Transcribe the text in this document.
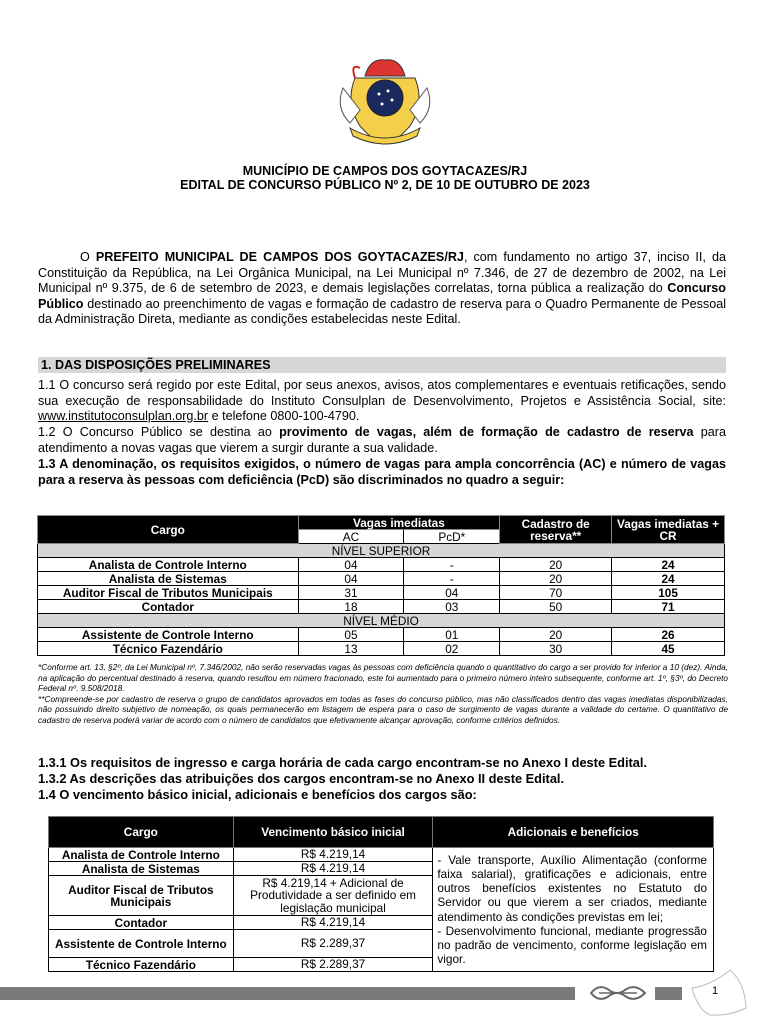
MUNICÍPIO DE CAMPOS DOS GOYTACAZES/RJ
EDITAL DE CONCURSO PÚBLICO Nº 2, DE 10 DE OUTUBRO DE 2023

O PREFEITO MUNICIPAL DE CAMPOS DOS GOYTACAZES/RJ, com fundamento no artigo 37, inciso II, da Constituição da República, na Lei Orgânica Municipal, na Lei Municipal nº 7.346, de 27 de dezembro de 2002, na Lei Municipal nº 9.375, de 6 de setembro de 2023, e demais legislações correlatas, torna pública a realização do Concurso Público destinado ao preenchimento de vagas e formação de cadastro de reserva para o Quadro Permanente de Pessoal da Administração Direta, mediante as condições estabelecidas neste Edital.

1. DAS DISPOSIÇÕES PRELIMINARES

1.1 O concurso será regido por este Edital, por seus anexos, avisos, atos complementares e eventuais retificações, sendo sua execução de responsabilidade do Instituto Consulplan de Desenvolvimento, Projetos e Assistência Social, site: www.institutoconsulplan.org.br e telefone 0800-100-4790.

1.2 O Concurso Público se destina ao provimento de vagas, além de formação de cadastro de reserva para atendimento a novas vagas que vierem a surgir durante a sua validade.

1.3 A denominação, os requisitos exigidos, o número de vagas para ampla concorrência (AC) e número de vagas para a reserva às pessoas com deficiência (PcD) são discriminados no quadro a seguir:

Cargo	Vagas imediatas		Cadastro de reserva**	Vagas imediatas + CR
	AC	PcD*		
NÍVEL SUPERIOR				
Analista de Controle Interno	04	-	20	24
Analista de Sistemas	04	-	20	24
Auditor Fiscal de Tributos Municipais	31	04	70	105
Contador	18	03	50	71
NÍVEL MÉDIO				
Assistente de Controle Interno	05	01	20	26
Técnico Fazendário	13	02	30	45

*Conforme art. 13, §2º, da Lei Municipal nº. 7.346/2002, não serão reservadas vagas às pessoas com deficiência quando o quantitativo do cargo a ser provido for inferior a 10 (dez). Ainda, na aplicação do percentual destinado à reserva, quando resultou em número fracionado, este foi aumentado para o primeiro número inteiro subsequente, conforme art. 1º, §3º, do Decreto Federal nº. 9.508/2018.

**Compreende-se por cadastro de reserva o grupo de candidatos aprovados em todas as fases do concurso público, mas não classificados dentro das vagas imediatas disponibilizadas, não possuindo direito subjetivo de nomeação, os quais permanecerão em listagem de espera para o caso de surgimento de vagas durante a validade do certame. O quantitativo de cadastro de reserva poderá variar de acordo com o número de candidatos que efetivamente alcançar aprovação, conforme critérios definidos.

1.3.1 Os requisitos de ingresso e carga horária de cada cargo encontram-se no Anexo I deste Edital.
1.3.2 As descrições das atribuições dos cargos encontram-se no Anexo II deste Edital.
1.4 O vencimento básico inicial, adicionais e benefícios dos cargos são:
Cargo	Vencimento básico inicial	Adicionais e benefícios
Analista de Controle Interno	R$ 4.219,14	- Vale transporte, Auxílio Alimentação (conforme faixa salarial), gratificações e adicionais, entre outros benefícios existentes no Estatuto do Servidor ou que vierem a ser criados, mediante atendimento às condições previstas em lei;
- Desenvolvimento funcional, mediante progressão no padrão de vencimento, conforme legislação em vigor.

Analista de Sistemas	R$ 4.219,14	
Auditor Fiscal de Tributos Municipais	R$ 4.219,14 + Adicional de Produtividade a ser definido em legislação municipal	
Contador	R$ 4.219,14	
Assistente de Controle Interno	R$ 2.289,37	
Técnico Fazendário	R$ 2.289,37	
1
